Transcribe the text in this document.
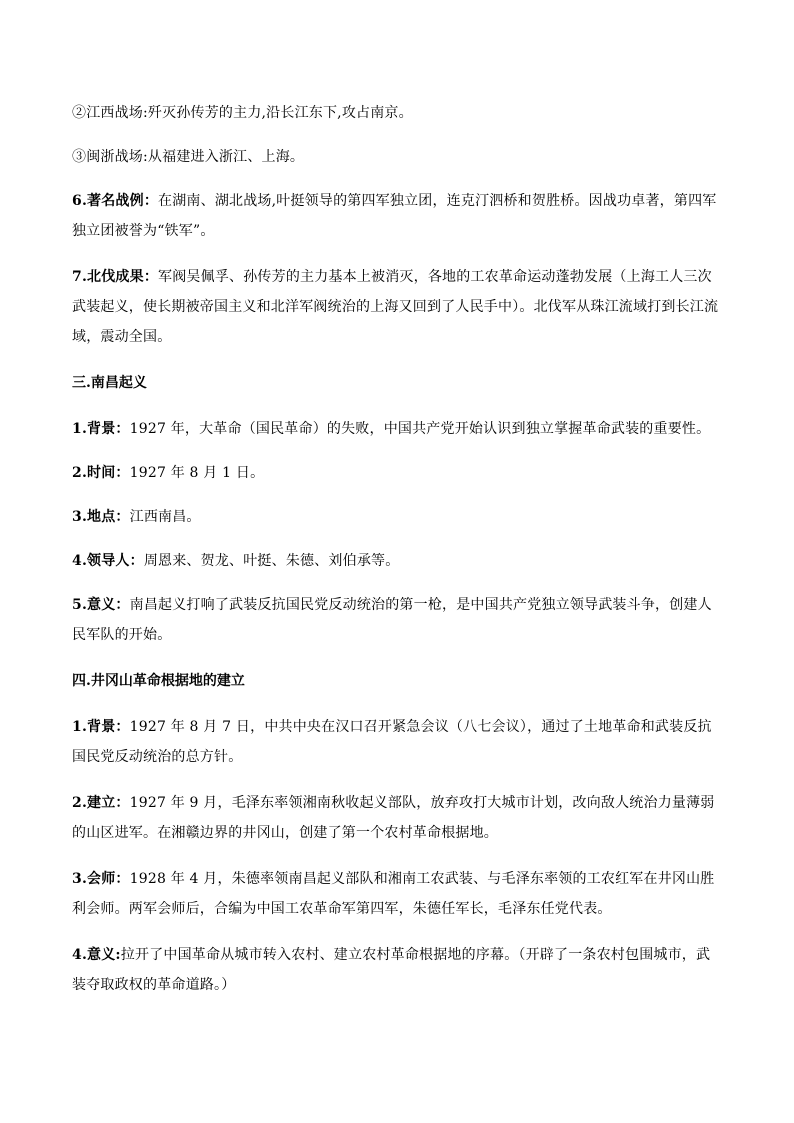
②江西战场:歼灭孙传芳的主力,沿长江东下,攻占南京。

③闽浙战场:从福建进入浙江、上海。

6.著名战例：在湖南、湖北战场,叶挺领导的第四军独立团，连克汀泗桥和贺胜桥。因战功卓著，第四军独立团被誉为“铁军”。

7.北伐成果：军阀吴佩孚、孙传芳的主力基本上被消灭，各地的工农革命运动蓬勃发展（上海工人三次武装起义，使长期被帝国主义和北洋军阀统治的上海又回到了人民手中）。北伐军从珠江流域打到长江流域，震动全国。

三.南昌起义

1.背景：1927 年，大革命（国民革命）的失败，中国共产党开始认识到独立掌握革命武装的重要性。

2.时间：1927 年 8 月 1 日。

3.地点：江西南昌。

4.领导人：周恩来、贺龙、叶挺、朱德、刘伯承等。

5.意义：南昌起义打响了武装反抗国民党反动统治的第一枪，是中国共产党独立领导武装斗争，创建人民军队的开始。

四.井冈山革命根据地的建立

1.背景：1927 年 8 月 7 日，中共中央在汉口召开紧急会议（八七会议），通过了土地革命和武装反抗国民党反动统治的总方针。

2.建立：1927 年 9 月，毛泽东率领湘南秋收起义部队，放弃攻打大城市计划，改向敌人统治力量薄弱的山区进军。在湘赣边界的井冈山，创建了第一个农村革命根据地。

3.会师：1928 年 4 月，朱德率领南昌起义部队和湘南工农武装、与毛泽东率领的工农红军在井冈山胜利会师。两军会师后，合编为中国工农革命军第四军，朱德任军长，毛泽东任党代表。

4.意义:拉开了中国革命从城市转入农村、建立农村革命根据地的序幕。（开辟了一条农村包围城市，武装夺取政权的革命道路。）
